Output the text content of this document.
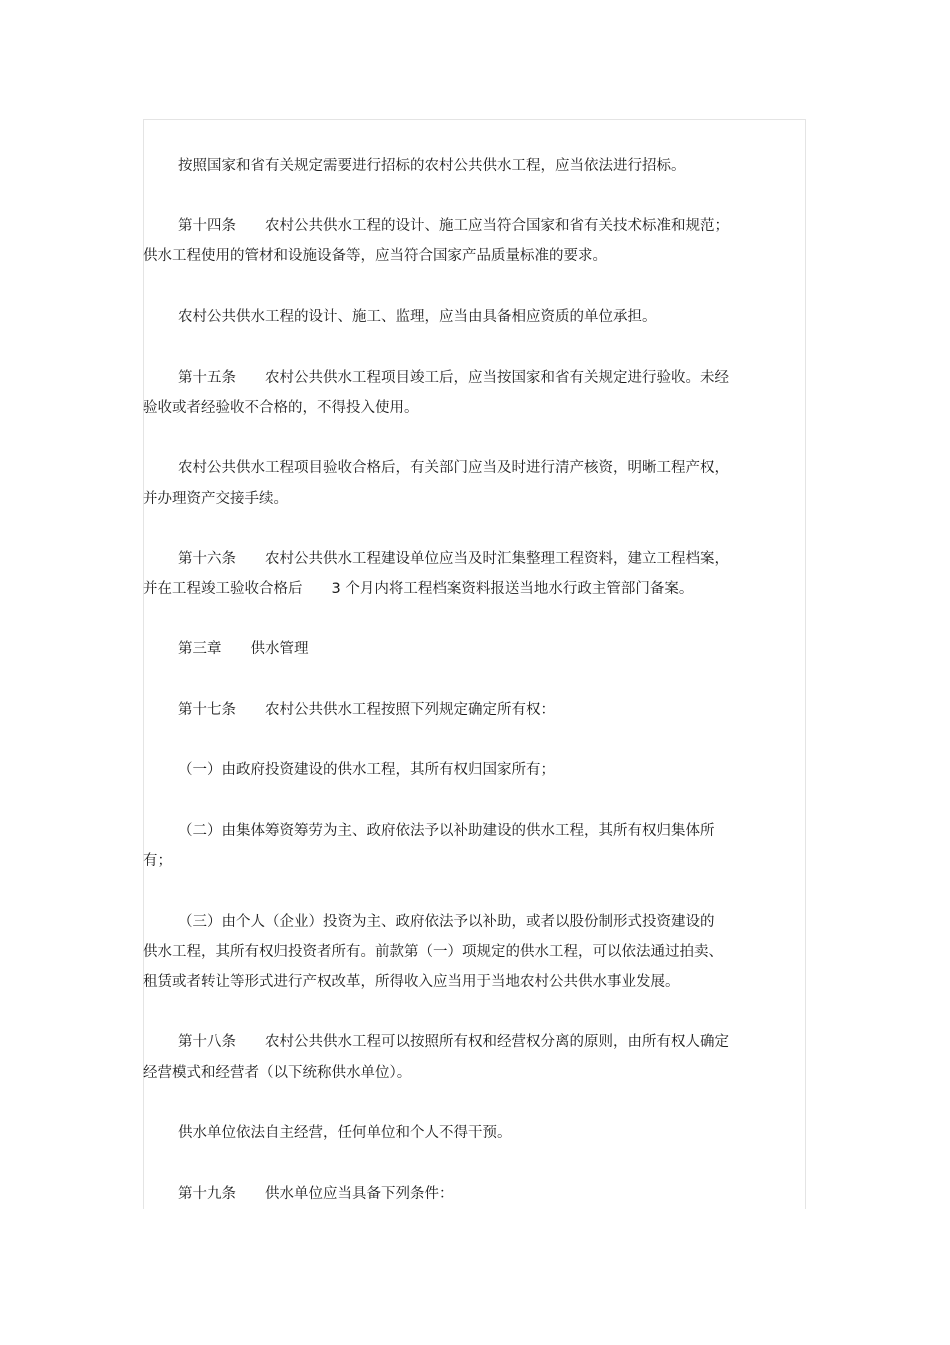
按照国家和省有关规定需要进行招标的农村公共供水工程，应当依法进行招标。
第十四条　　农村公共供水工程的设计、施工应当符合国家和省有关技术标准和规范；
供水工程使用的管材和设施设备等，应当符合国家产品质量标准的要求。
农村公共供水工程的设计、施工、监理，应当由具备相应资质的单位承担。
第十五条　　农村公共供水工程项目竣工后，应当按国家和省有关规定进行验收。未经
验收或者经验收不合格的，不得投入使用。
农村公共供水工程项目验收合格后，有关部门应当及时进行清产核资，明晰工程产权，
并办理资产交接手续。
第十六条　　农村公共供水工程建设单位应当及时汇集整理工程资料，建立工程档案，
并在工程竣工验收合格后　　3 个月内将工程档案资料报送当地水行政主管部门备案。
第三章　　供水管理
第十七条　　农村公共供水工程按照下列规定确定所有权：
（一）由政府投资建设的供水工程，其所有权归国家所有；
（二）由集体筹资筹劳为主、政府依法予以补助建设的供水工程，其所有权归集体所
有；
（三）由个人（企业）投资为主、政府依法予以补助，或者以股份制形式投资建设的
供水工程，其所有权归投资者所有。前款第（一）项规定的供水工程，可以依法通过拍卖、
租赁或者转让等形式进行产权改革，所得收入应当用于当地农村公共供水事业发展。
第十八条　　农村公共供水工程可以按照所有权和经营权分离的原则，由所有权人确定
经营模式和经营者（以下统称供水单位）。
供水单位依法自主经营，任何单位和个人不得干预。
第十九条　　供水单位应当具备下列条件：
